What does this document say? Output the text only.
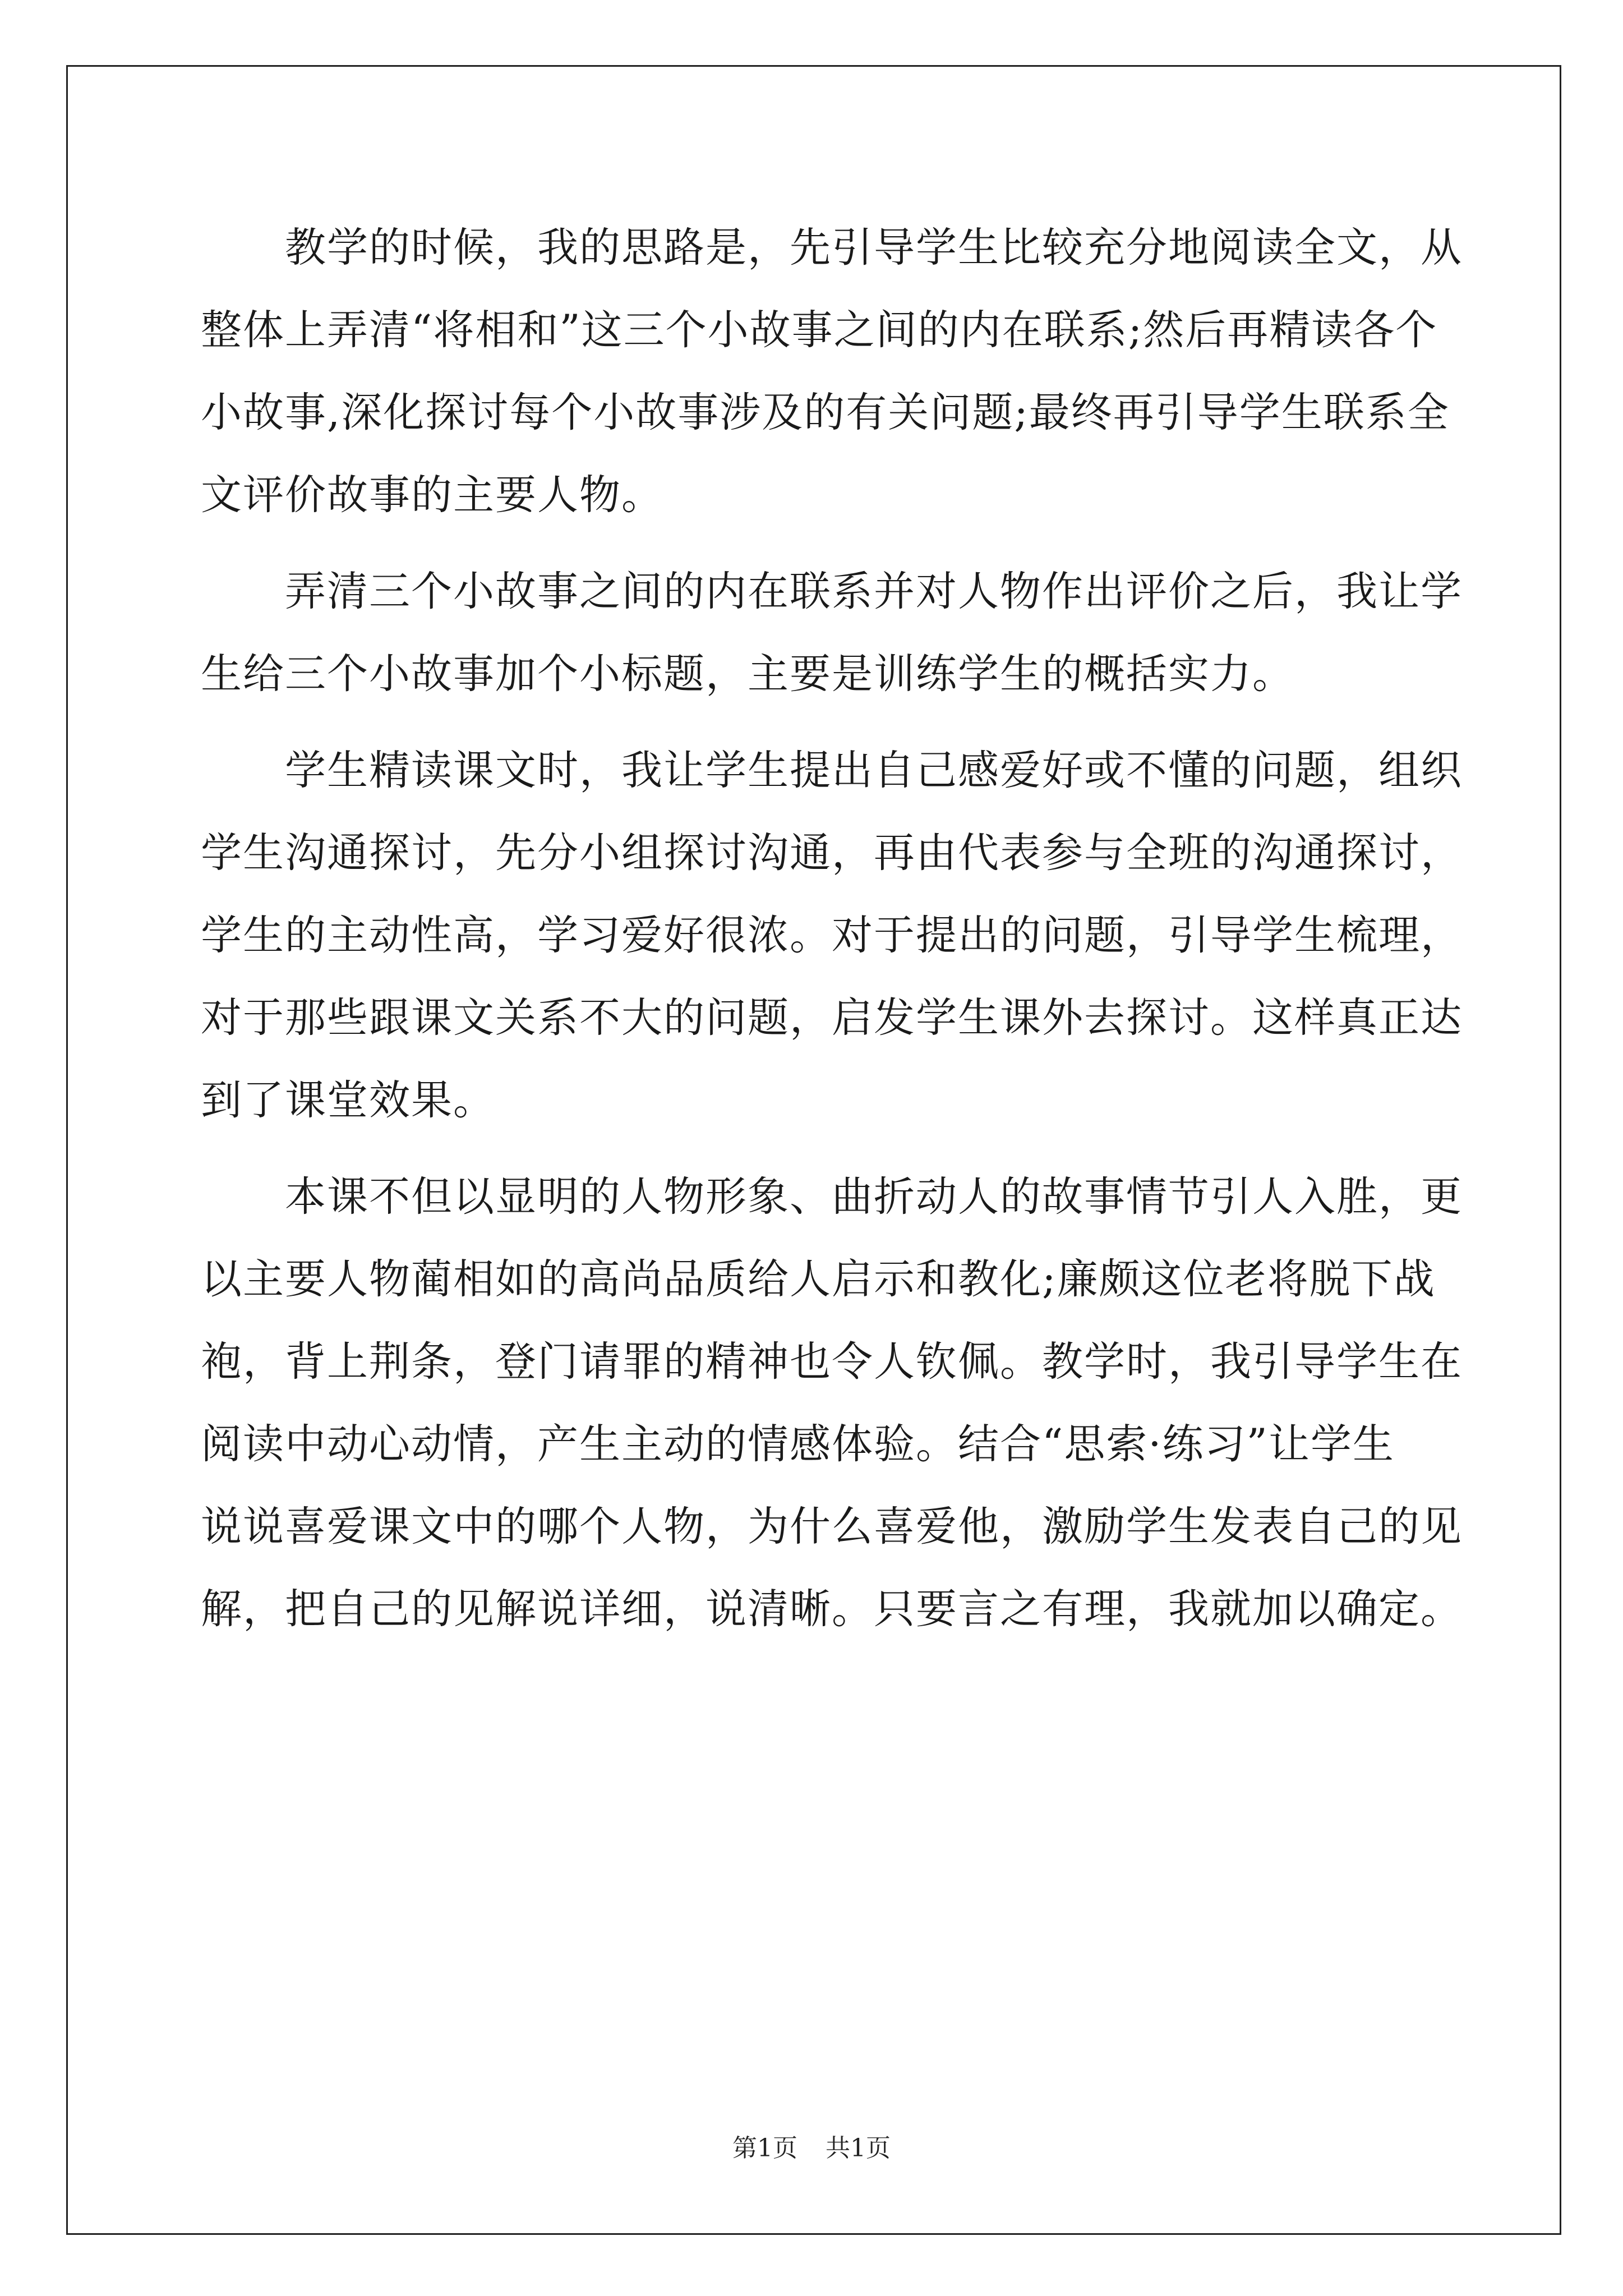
教学的时候，我的思路是，先引导学生比较充分地阅读全文，从
整体上弄清“将相和”这三个小故事之间的内在联系;然后再精读各个
小故事,深化探讨每个小故事涉及的有关问题;最终再引导学生联系全
文评价故事的主要人物。

弄清三个小故事之间的内在联系并对人物作出评价之后，我让学
生给三个小故事加个小标题，主要是训练学生的概括实力。

学生精读课文时，我让学生提出自己感爱好或不懂的问题，组织
学生沟通探讨，先分小组探讨沟通，再由代表参与全班的沟通探讨，
学生的主动性高，学习爱好很浓。对于提出的问题，引导学生梳理，
对于那些跟课文关系不大的问题，启发学生课外去探讨。这样真正达
到了课堂效果。

本课不但以显明的人物形象、曲折动人的故事情节引人入胜，更
以主要人物蔺相如的高尚品质给人启示和教化;廉颇这位老将脱下战
袍，背上荆条，登门请罪的精神也令人钦佩。教学时，我引导学生在
阅读中动心动情，产生主动的情感体验。结合“思索·练习”让学生
说说喜爱课文中的哪个人物，为什么喜爱他，激励学生发表自己的见
解，把自己的见解说详细，说清晰。只要言之有理，我就加以确定。

第1页 共1页
